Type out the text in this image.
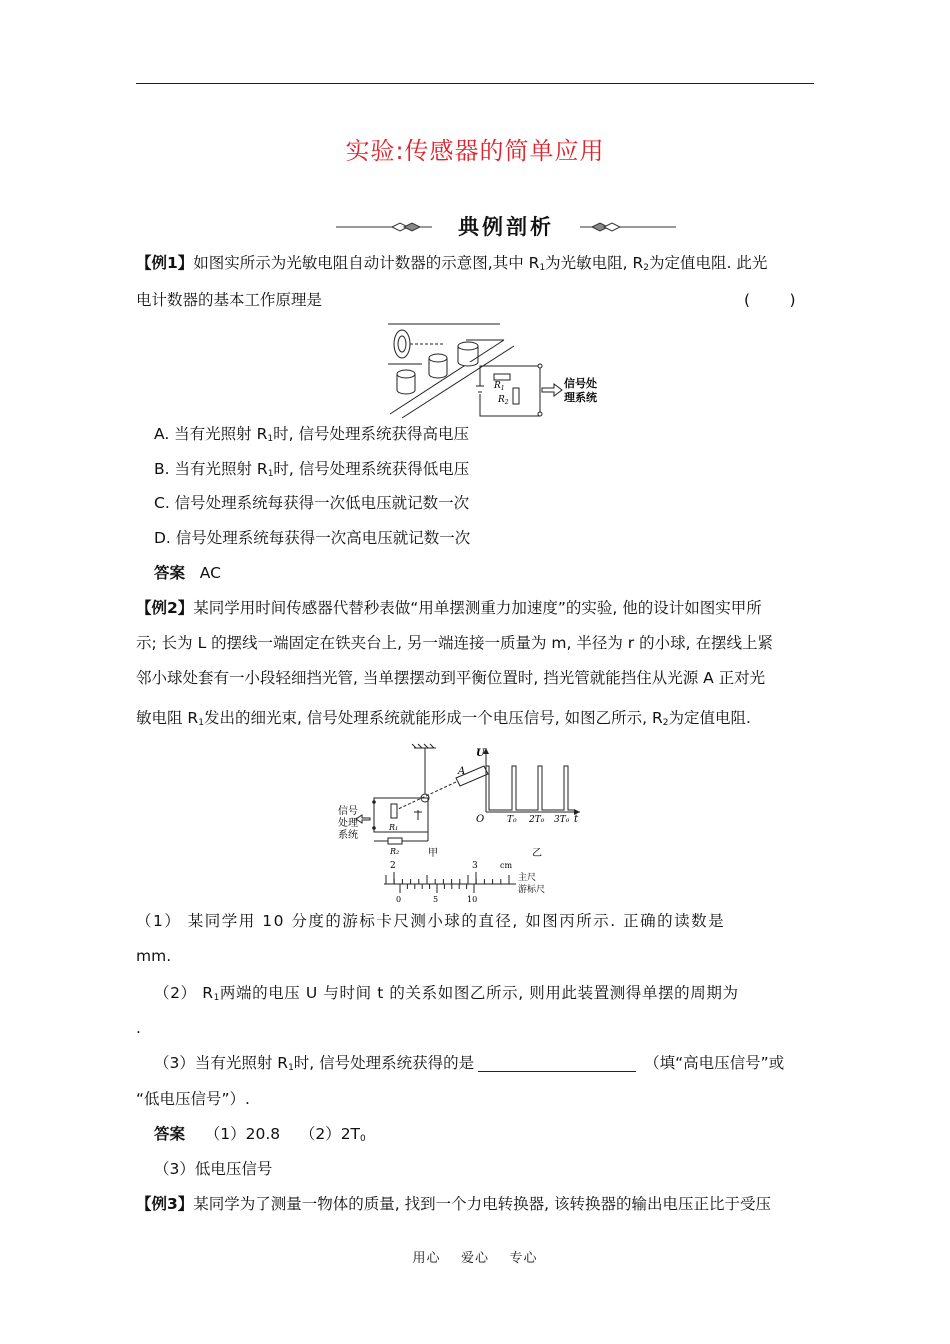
实验:传感器的简单应用
典例剖析
【例1】如图实所示为光敏电阻自动计数器的示意图,其中 $R_1$为光敏电阻, $R_2$为定值电阻. 此光
电计数器的基本工作原理是	(        )
$R_1$
$R_2$
信号处
理系统
A. 当有光照射 $R_1$时, 信号处理系统获得高电压
B. 当有光照射 $R_1$时, 信号处理系统获得低电压
C. 信号处理系统每获得一次低电压就记数一次
D. 信号处理系统每获得一次高电压就记数一次
答案 AC
【例2】某同学用时间传感器代替秒表做“用单摆测重力加速度”的实验, 他的设计如图实甲所
示; 长为 L 的摆线一端固定在铁夹台上, 另一端连接一质量为 m, 半径为 r 的小球, 在摆线上紧
邻小球处套有一小段轻细挡光管, 当单摆摆动到平衡位置时, 挡光管就能挡住从光源 A 正对光
敏电阻 $R_1$发出的细光束, 信号处理系统就能形成一个电压信号, 如图乙所示, $R_2$为定值电阻.
A
R₁
R₂
信号
处理
系统
U
O	t
T₀ 2T₀ 3T₀
甲	乙
2	3	cm
主尺
游标尺
0	5	10
（1） 某同学用 10 分度的游标卡尺测小球的直径, 如图丙所示. 正确的读数是
mm.
（2） $R_1$两端的电压 U 与时间 t 的关系如图乙所示, 则用此装置测得单摆的周期为
.
（3）当有光照射 $R_1$时, 信号处理系统获得的是	（填“高电压信号”或
“低电压信号”）.
答案 （1）20.8 $(2)2T_0$
（3）低电压信号
【例3】某同学为了测量一物体的质量, 找到一个力电转换器, 该转换器的输出电压正比于受压
用心    爱心    专心
